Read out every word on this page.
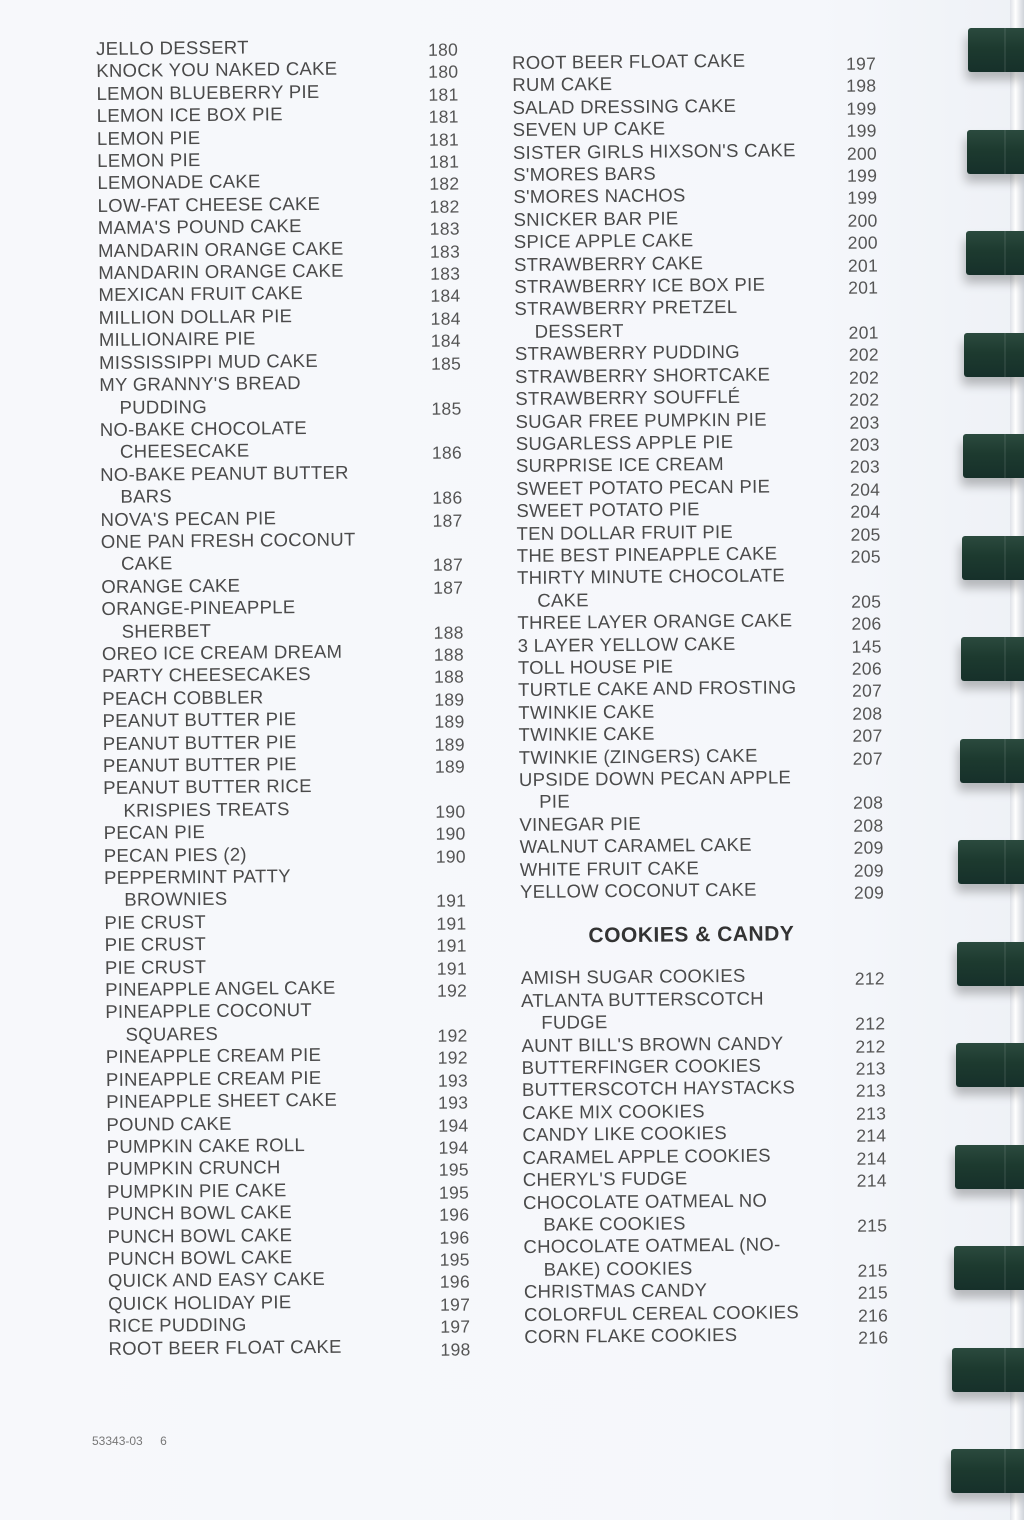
JELLO DESSERT	180
KNOCK YOU NAKED CAKE	180
LEMON BLUEBERRY PIE	181
LEMON ICE BOX PIE	181
LEMON PIE	181
LEMON PIE	181
LEMONADE CAKE	182
LOW-FAT CHEESE CAKE	182
MAMA'S POUND CAKE	183
MANDARIN ORANGE CAKE	183
MANDARIN ORANGE CAKE	183
MEXICAN FRUIT CAKE	184
MILLION DOLLAR PIE	184
MILLIONAIRE PIE	184
MISSISSIPPI MUD CAKE	185
MY GRANNY'S BREAD
PUDDING	185
NO-BAKE CHOCOLATE
CHEESECAKE	186
NO-BAKE PEANUT BUTTER
BARS	186
NOVA'S PECAN PIE	187
ONE PAN FRESH COCONUT
CAKE	187
ORANGE CAKE	187
ORANGE-PINEAPPLE
SHERBET	188
OREO ICE CREAM DREAM	188
PARTY CHEESECAKES	188
PEACH COBBLER	189
PEANUT BUTTER PIE	189
PEANUT BUTTER PIE	189
PEANUT BUTTER PIE	189
PEANUT BUTTER RICE
KRISPIES TREATS	190
PECAN PIE	190
PECAN PIES (2)	190
PEPPERMINT PATTY
BROWNIES	191
PIE CRUST	191
PIE CRUST	191
PIE CRUST	191
PINEAPPLE ANGEL CAKE	192
PINEAPPLE COCONUT
SQUARES	192
PINEAPPLE CREAM PIE	192
PINEAPPLE CREAM PIE	193
PINEAPPLE SHEET CAKE	193
POUND CAKE	194
PUMPKIN CAKE ROLL	194
PUMPKIN CRUNCH	195
PUMPKIN PIE CAKE	195
PUNCH BOWL CAKE	196
PUNCH BOWL CAKE	196
PUNCH BOWL CAKE	195
QUICK AND EASY CAKE	196
QUICK HOLIDAY PIE	197
RICE PUDDING	197
ROOT BEER FLOAT CAKE	198
ROOT BEER FLOAT CAKE	197
RUM CAKE	198
SALAD DRESSING CAKE	199
SEVEN UP CAKE	199
SISTER GIRLS HIXSON'S CAKE	200
S'MORES BARS	199
S'MORES NACHOS	199
SNICKER BAR PIE	200
SPICE APPLE CAKE	200
STRAWBERRY CAKE	201
STRAWBERRY ICE BOX PIE	201
STRAWBERRY PRETZEL
DESSERT	201
STRAWBERRY PUDDING	202
STRAWBERRY SHORTCAKE	202
STRAWBERRY SOUFFLÉ	202
SUGAR FREE PUMPKIN PIE	203
SUGARLESS APPLE PIE	203
SURPRISE ICE CREAM	203
SWEET POTATO PECAN PIE	204
SWEET POTATO PIE	204
TEN DOLLAR FRUIT PIE	205
THE BEST PINEAPPLE CAKE	205
THIRTY MINUTE CHOCOLATE
CAKE	205
THREE LAYER ORANGE CAKE	206
3 LAYER YELLOW CAKE	145
TOLL HOUSE PIE	206
TURTLE CAKE AND FROSTING	207
TWINKIE CAKE	208
TWINKIE CAKE	207
TWINKIE (ZINGERS) CAKE	207
UPSIDE DOWN PECAN APPLE
PIE	208
VINEGAR PIE	208
WALNUT CARAMEL CAKE	209
WHITE FRUIT CAKE	209
YELLOW COCONUT CAKE	209
COOKIES & CANDY
AMISH SUGAR COOKIES	212
ATLANTA BUTTERSCOTCH
FUDGE	212
AUNT BILL'S BROWN CANDY	212
BUTTERFINGER COOKIES	213
BUTTERSCOTCH HAYSTACKS	213
CAKE MIX COOKIES	213
CANDY LIKE COOKIES	214
CARAMEL APPLE COOKIES	214
CHERYL'S FUDGE	214
CHOCOLATE OATMEAL NO
BAKE COOKIES	215
CHOCOLATE OATMEAL (NO-
BAKE) COOKIES	215
CHRISTMAS CANDY	215
COLORFUL CEREAL COOKIES	216
CORN FLAKE COOKIES	216
53343-03 6
